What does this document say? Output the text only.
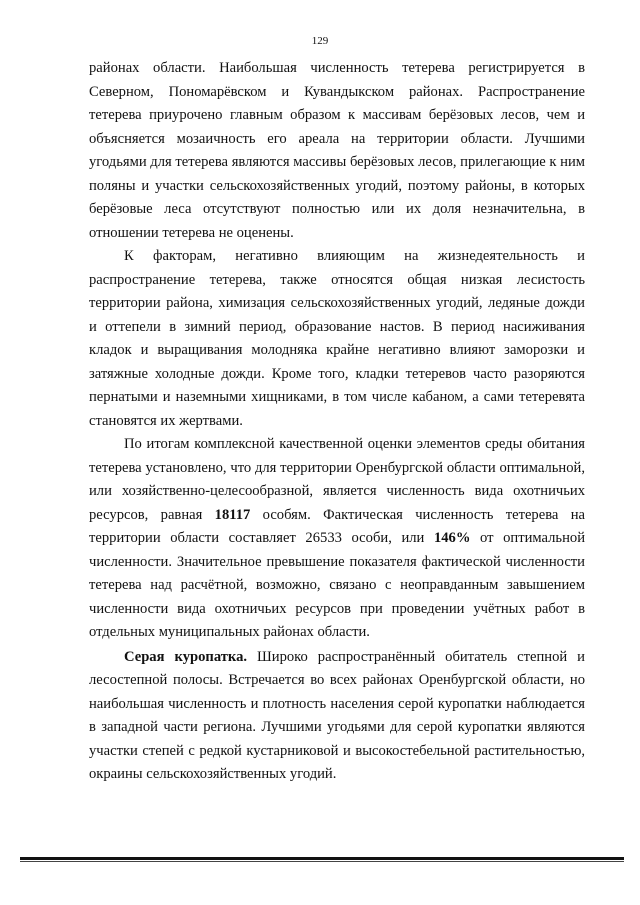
129

районах области. Наибольшая численность тетерева регистрируется в Северном, Пономарёвском и Кувандыкском районах. Распространение тетерева приурочено главным образом к массивам берёзовых лесов, чем и объясняется мозаичность его ареала на территории области. Лучшими угодьями для тетерева являются массивы берёзовых лесов, прилегающие к ним поляны и участки сельскохозяйственных угодий, поэтому районы, в которых берёзовые леса отсутствуют полностью или их доля незначительна, в отношении тетерева не оценены.

К факторам, негативно влияющим на жизнедеятельность и распространение тетерева, также относятся общая низкая лесистость территории района, химизация сельскохозяйственных угодий, ледяные дожди и оттепели в зимний период, образование настов. В период насиживания кладок и выращивания молодняка крайне негативно влияют заморозки и затяжные холодные дожди. Кроме того, кладки тетеревов часто разоряются пернатыми и наземными хищниками, в том числе кабаном, а сами тетеревята становятся их жертвами.

По итогам комплексной качественной оценки элементов среды обитания тетерева установлено, что для территории Оренбургской области оптимальной, или хозяйственно-целесообразной, является численность вида охотничьих ресурсов, равная 18117 особям. Фактическая численность тетерева на территории области составляет 26533 особи, или 146% от оптимальной численности. Значительное превышение показателя фактической численности тетерева над расчётной, возможно, связано с неоправданным завышением численности вида охотничьих ресурсов при проведении учётных работ в отдельных муниципальных районах области.

Серая куропатка. Широко распространённый обитатель степной и лесостепной полосы. Встречается во всех районах Оренбургской области, но наибольшая численность и плотность населения серой куропатки наблюдается в западной части региона. Лучшими угодьями для серой куропатки являются участки степей с редкой кустарниковой и высокостебельной растительностью, окраины сельскохозяйственных угодий.
